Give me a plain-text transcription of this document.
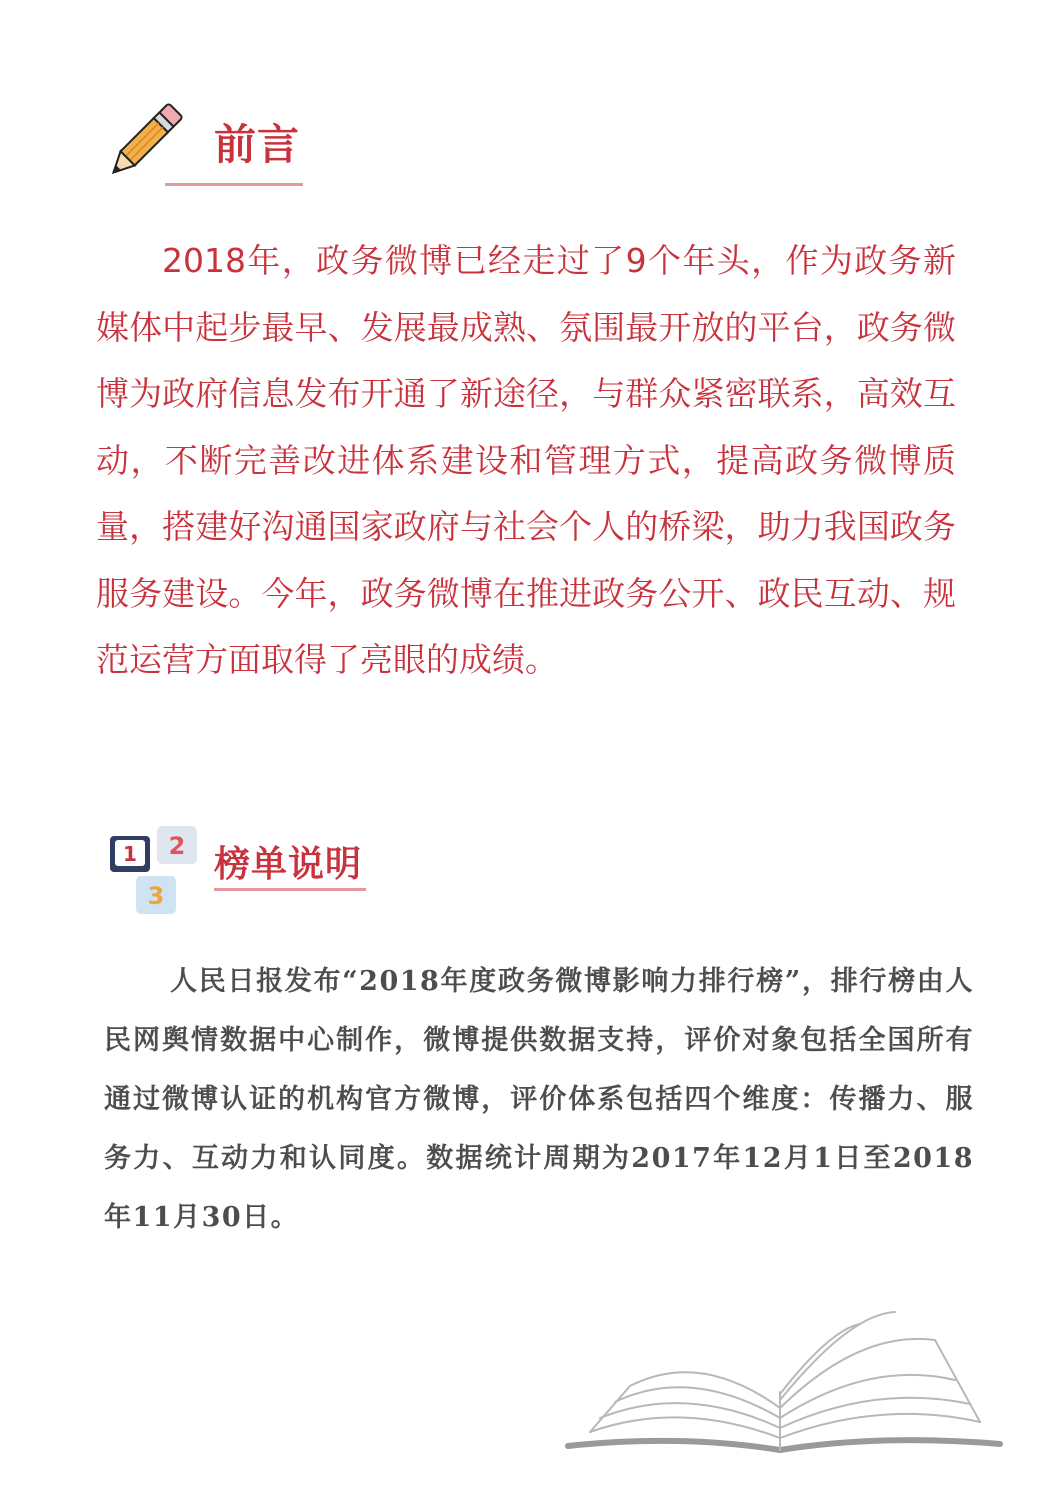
前言

2018年，政务微博已经走过了9个年头，作为政务新媒体中起步最早、发展最成熟、氛围最开放的平台，政务微博为政府信息发布开通了新途径，与群众紧密联系，高效互动，不断完善改进体系建设和管理方式，提高政务微博质量，搭建好沟通国家政府与社会个人的桥梁，助力我国政务服务建设。今年，政务微博在推进政务公开、政民互动、规范运营方面取得了亮眼的成绩。

1 2
3
榜单说明

人民日报发布“2018年度政务微博影响力排行榜”，排行榜由人民网舆情数据中心制作，微博提供数据支持，评价对象包括全国所有通过微博认证的机构官方微博，评价体系包括四个维度：传播力、服务力、互动力和认同度。数据统计周期为2017年12月1日至2018年11月30日。
